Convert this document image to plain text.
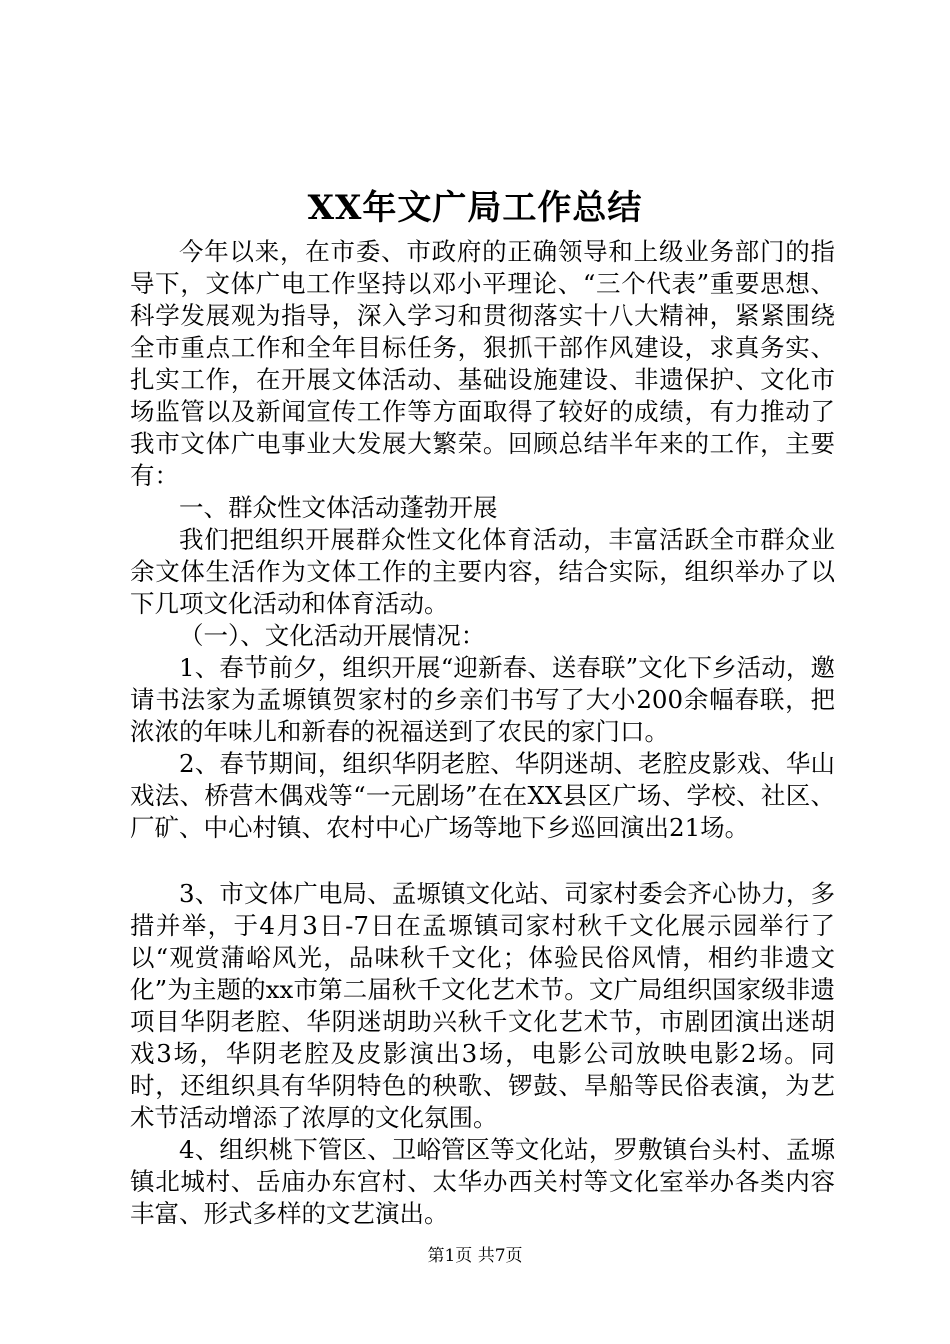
XX年文广局工作总结

今年以来，在市委、市政府的正确领导和上级业务部门的指导下，文体广电工作坚持以邓小平理论、“三个代表”重要思想、科学发展观为指导，深入学习和贯彻落实十八大精神，紧紧围绕全市重点工作和全年目标任务，狠抓干部作风建设，求真务实、扎实工作，在开展文体活动、基础设施建设、非遗保护、文化市场监管以及新闻宣传工作等方面取得了较好的成绩，有力推动了我市文体广电事业大发展大繁荣。回顾总结半年来的工作，主要有：

一、群众性文体活动蓬勃开展

我们把组织开展群众性文化体育活动，丰富活跃全市群众业余文体生活作为文体工作的主要内容，结合实际，组织举办了以下几项文化活动和体育活动。

（一）、文化活动开展情况：

1、春节前夕，组织开展“迎新春、送春联”文化下乡活动，邀请书法家为孟塬镇贺家村的乡亲们书写了大小200余幅春联，把浓浓的年味儿和新春的祝福送到了农民的家门口。

2、春节期间，组织华阴老腔、华阴迷胡、老腔皮影戏、华山戏法、桥营木偶戏等“一元剧场”在在XX县区广场、学校、社区、厂矿、中心村镇、农村中心广场等地下乡巡回演出21场。

3、市文体广电局、孟塬镇文化站、司家村委会齐心协力，多措并举，于4月3日-7日在孟塬镇司家村秋千文化展示园举行了以“观赏蒲峪风光，品味秋千文化；体验民俗风情，相约非遗文化”为主题的xx市第二届秋千文化艺术节。文广局组织国家级非遗项目华阴老腔、华阴迷胡助兴秋千文化艺术节，市剧团演出迷胡戏3场，华阴老腔及皮影演出3场，电影公司放映电影2场。同时，还组织具有华阴特色的秧歌、锣鼓、旱船等民俗表演，为艺术节活动增添了浓厚的文化氛围。

4、组织桃下管区、卫峪管区等文化站，罗敷镇台头村、孟塬镇北城村、岳庙办东宫村、太华办西关村等文化室举办各类内容丰富、形式多样的文艺演出。

第1页 共7页
